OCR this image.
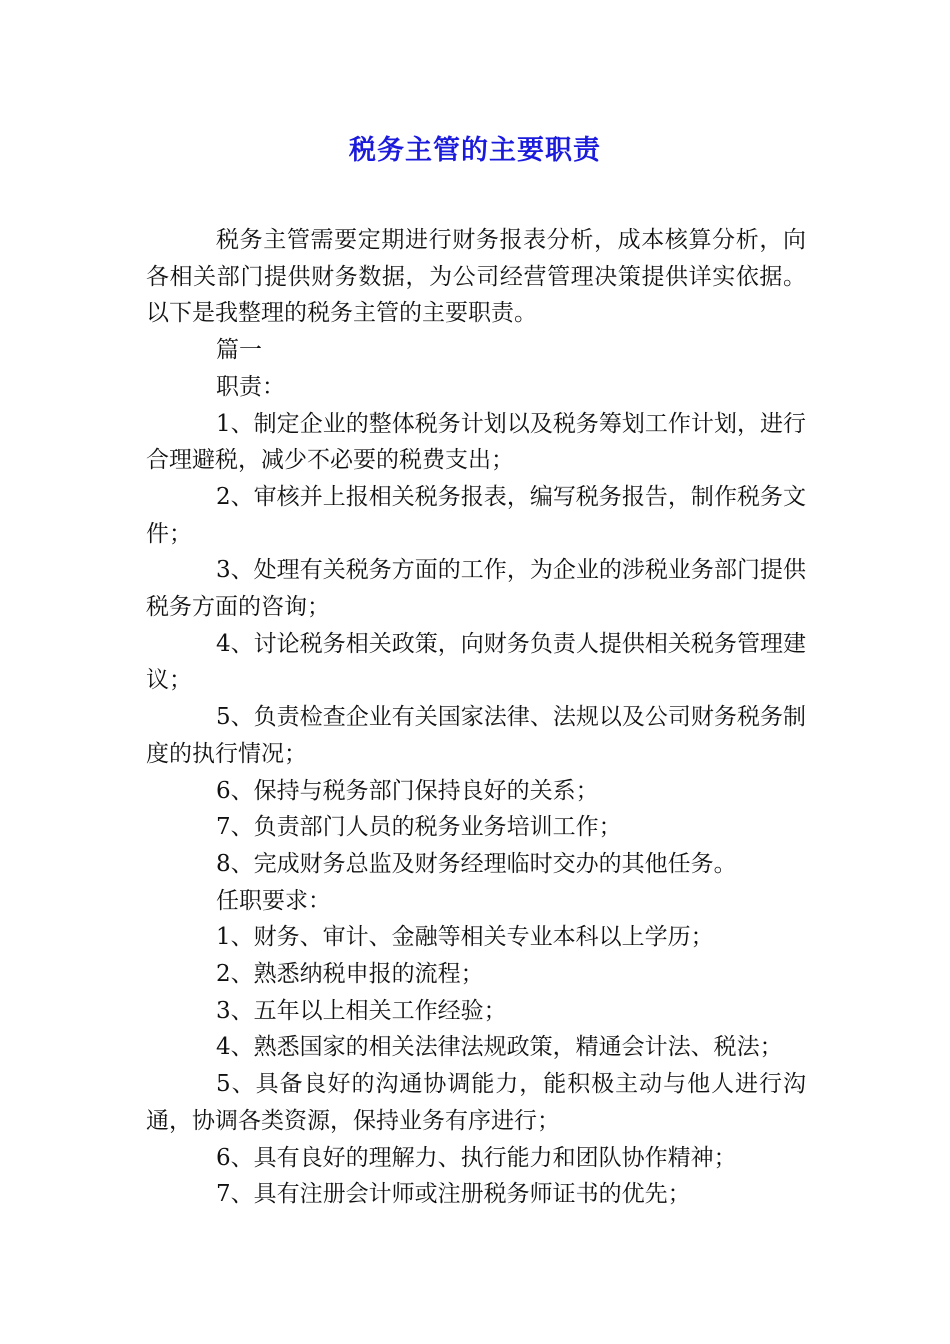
税务主管的主要职责

税务主管需要定期进行财务报表分析，成本核算分析，向各相关部门提供财务数据，为公司经营管理决策提供详实依据。以下是我整理的税务主管的主要职责。

篇一

职责：

1、制定企业的整体税务计划以及税务筹划工作计划，进行合理避税，减少不必要的税费支出；

2、审核并上报相关税务报表，编写税务报告，制作税务文件；

3、处理有关税务方面的工作，为企业的涉税业务部门提供税务方面的咨询；

4、讨论税务相关政策，向财务负责人提供相关税务管理建议；

5、负责检查企业有关国家法律、法规以及公司财务税务制度的执行情况；

6、保持与税务部门保持良好的关系；

7、负责部门人员的税务业务培训工作；

8、完成财务总监及财务经理临时交办的其他任务。

任职要求：

1、财务、审计、金融等相关专业本科以上学历；

2、熟悉纳税申报的流程；

3、五年以上相关工作经验；

4、熟悉国家的相关法律法规政策，精通会计法、税法；

5、具备良好的沟通协调能力，能积极主动与他人进行沟通，协调各类资源，保持业务有序进行；

6、具有良好的理解力、执行能力和团队协作精神；

7、具有注册会计师或注册税务师证书的优先；
